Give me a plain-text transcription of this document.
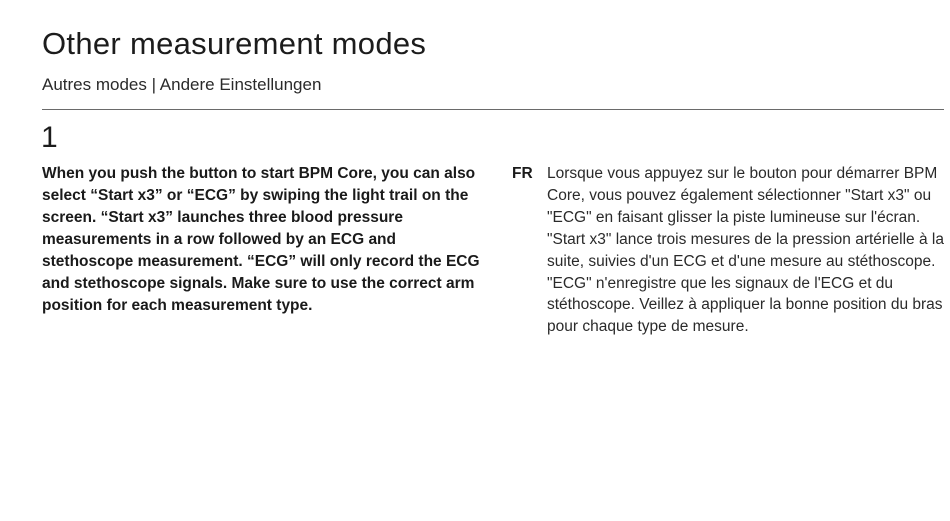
Other measurement modes
Autres modes | Andere Einstellungen
1
When you push the button to start BPM Core, you can also select “Start x3” or “ECG” by swiping the light trail on the screen. “Start x3” launches three blood pressure measurements in a row followed by an ECG and stethoscope measurement. “ECG” will only record the ECG and stethoscope signals. Make sure to use the correct arm position for each measurement type.
FR Lorsque vous appuyez sur le bouton pour démarrer BPM Core, vous pouvez également sélectionner "Start x3" ou "ECG" en faisant glisser la piste lumineuse sur l'écran. "Start x3" lance trois mesures de la pression artérielle à la suite, suivies d'un ECG et d'une mesure au stéthoscope. "ECG" n'enregistre que les signaux de l'ECG et du stéthoscope. Veillez à appliquer la bonne position du bras pour chaque type de mesure.
